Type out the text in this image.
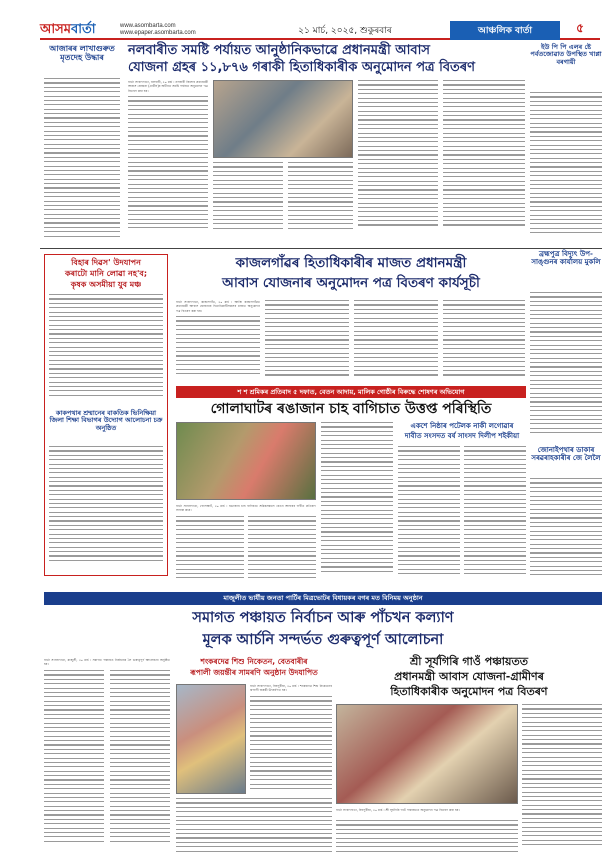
আসমবাৰ্তা	www.asombarta.com
www.epaper.asombarta.com	২১ মাৰ্চ, ২০২৫, শুকুৰবাৰ	আঞ্চলিক বাৰ্তা	৫
আজাৰৰ লাখাগুৰুত মৃতদেহ উদ্ধাৰ	নলবাৰীত সমষ্টি পৰ্যায়ত আনুষ্ঠানিকভাৱে প্ৰধানমন্ত্ৰী আবাস
যোজনা গ্ৰহৰ ১১,৮৭৬ গৰাকী হিতাধিকাৰীক অনুমোদন পত্ৰ বিতৰণ
ইউ পি পি এলৰ ষ্টে পৰ্বতজোৱাত উপস্থিত খাপ্লা বৰগায়ী
বাৰ্তা সংবাদদাতা, নলবাৰী, ২০ মাৰ্চ : নলবাৰী জিলাৰ প্ৰধানমন্ত্ৰী আবাস যোজনা (গ্ৰামীণ)ৰ অধীনত সমষ্টি পৰ্যায়ত অনুমোদন পত্ৰ বিতৰণ কৰা হয়।
বিহাৰ দিৱস' উদযাপন
কৰাটো মানি লোৱা নহ'ব;
কৃষক অসমীয়া যুব মঞ্চ
কাকপথাৰ শ্ৰম্মানেৰ বাকতিক ভিনিক্ষিয়া জিলা শিক্ষা বিভাগৰ উদ্যোগ আলোচনা চক্ৰ অনুষ্ঠিত
কাজলগাঁৱৰ হিতাধিকাৰীৰ মাজত প্ৰধানমন্ত্ৰী
আবাস যোজনাৰ অনুমোদন পত্ৰ বিতৰণ কাৰ্যসূচী
বাৰ্তা সংবাদদাতা, কাজলগাঁও, ২০ মাৰ্চ : আজি কাজলগাঁৱত প্ৰধানমন্ত্ৰী আবাস যোজনাৰ হিতাধিকাৰীসকলৰ মাজত অনুমোদন পত্ৰ বিতৰণ কৰা হয়।
ব্ৰহ্মপুত্ৰ বিদ্যুৎ উপ-সাঙ্গুনৰ কাৰ্যালয় মুকলি
জোনাইপথাৰ ডাকাৰ সৰৱৰাহকাৰীৰ জে লৈলৈ
শ শ শ্ৰমিকৰ প্ৰতিবাদ ৫ দফাত, বেতন আদায়, মালিক গোষ্ঠীৰ বিৰুদ্ধে শোষণৰ অভিযোগ
গোলাঘাটৰ ৰঙাজান চাহ বাগিচাত উত্তপ্ত পৰিস্থিতি
বাৰ্তা সংবাদদাতা, গোলাঘাট, ২০ মাৰ্চ : ৰঙাজান চাহ বাগিচাত শ্ৰমিকসকলে বেতন আদায়ৰ দাবীত প্ৰতিবাদ সাব্যস্ত কৰে।
একশে নিষ্ঠাৰ পটেলক নাকী লগোৱাৰ
দাবীত সংসদত বৰ্ষ সাংসদ দিলীপ শইকীয়া
মাজুলীত ভাৰ্যীয় জনতা পাৰ্টিৰ মিত্ৰভোটৰ বিধায়কৰ বগৰ মত বিনিময় অনুষ্ঠান
সমাগত পঞ্চায়ত নিৰ্বাচন আৰু পাঁচখন কল্যাণ
মূলক আৰ্চনি সন্দৰ্ভত গুৰুত্বপূৰ্ণ আলোচনা
বাৰ্তা সংবাদদাতা, মাজুলী, ২০ মাৰ্চ : সমাগত পঞ্চায়ত নিৰ্বাচনক লৈ গুৰুত্বপূৰ্ণ আলোচনা অনুষ্ঠিত হয়।	শংকৰদেৱ শিশু নিকেতন, বেতবাৰীৰ
ৰূপালী জয়ন্তীৰ সামৰণি অনুষ্ঠান উদযাপিত
বাৰ্তা সংবাদদাতা, বিহপুৰীয়া, ২০ মাৰ্চ : শংকৰদেৱ শিশু নিকেতনৰ ৰূপালী জয়ন্তী উদযাপিত হয়।
শ্ৰী সূৰ্যগিৰি গাওঁ পঞ্চায়তত
প্ৰধানমন্ত্ৰী আবাস যোজনা-গ্ৰামীণৰ
হিতাধিকাৰীক অনুমোদন পত্ৰ বিতৰণ
বাৰ্তা সংবাদদাতা, বিহপুৰীয়া, ২০ মাৰ্চ : শ্ৰী সূৰ্যগিৰি গাওঁ পঞ্চায়তত অনুমোদন পত্ৰ বিতৰণ কৰা হয়।
